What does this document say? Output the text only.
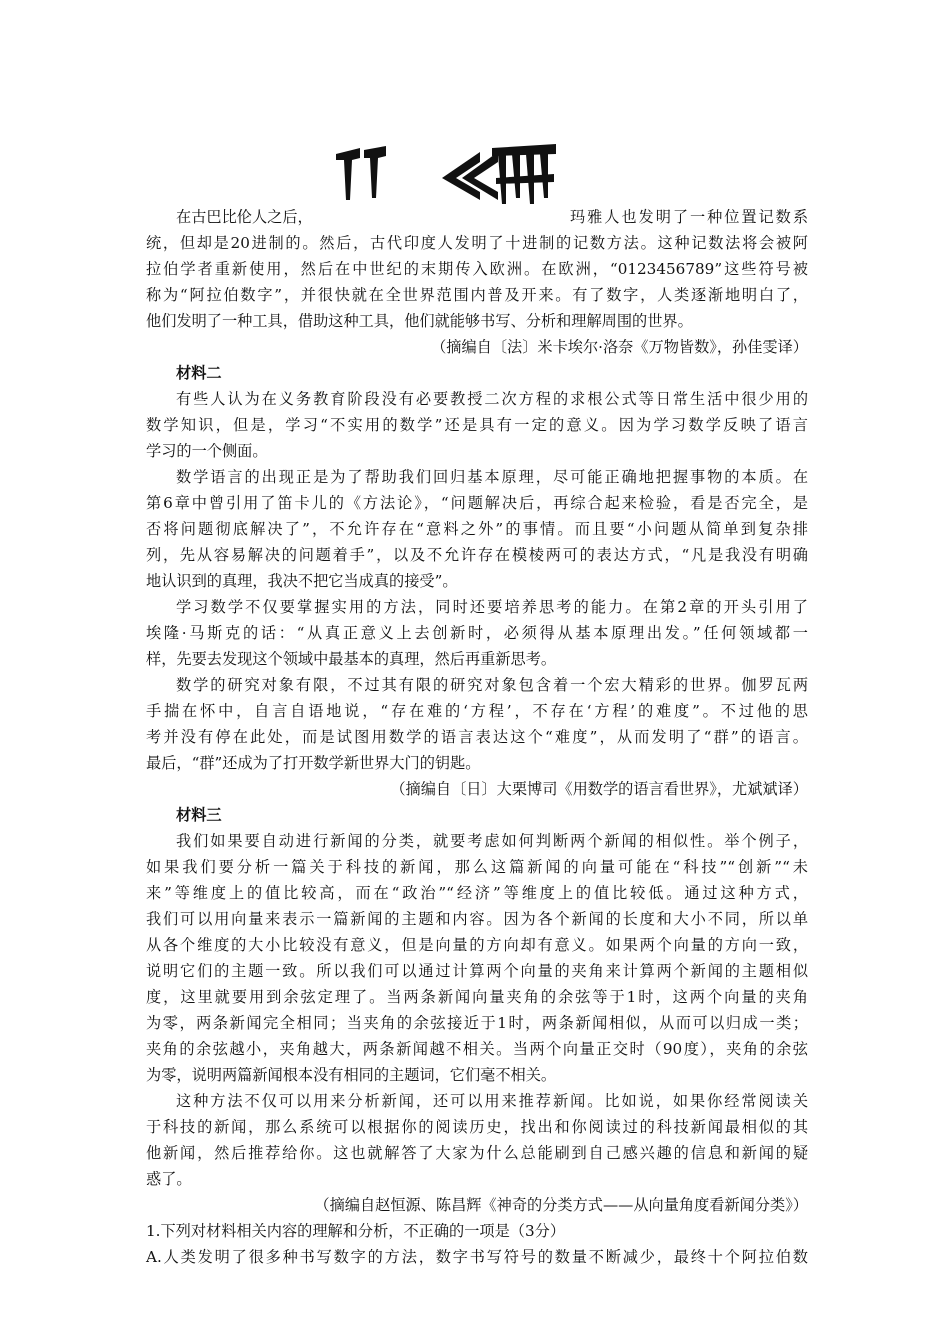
在古巴比伦人之后，	玛雅人也发明了一种位置记数系
统，但却是20进制的。然后，古代印度人发明了十进制的记数方法。这种记数法将会被阿
拉伯学者重新使用，然后在中世纪的末期传入欧洲。在欧洲，“0123456789”这些符号被
称为“阿拉伯数字”，并很快就在全世界范围内普及开来。有了数字，人类逐渐地明白了，
他们发明了一种工具，借助这种工具，他们就能够书写、分析和理解周围的世界。
（摘编自〔法〕米卡埃尔·洛奈《万物皆数》，孙佳雯译）
材料二
有些人认为在义务教育阶段没有必要教授二次方程的求根公式等日常生活中很少用的
数学知识，但是，学习“不实用的数学”还是具有一定的意义。因为学习数学反映了语言
学习的一个侧面。
数学语言的出现正是为了帮助我们回归基本原理，尽可能正确地把握事物的本质。在
第6章中曾引用了笛卡儿的《方法论》，“问题解决后，再综合起来检验，看是否完全，是
否将问题彻底解决了”，不允许存在“意料之外”的事情。而且要“小问题从简单到复杂排
列，先从容易解决的问题着手”，以及不允许存在模棱两可的表达方式，“凡是我没有明确
地认识到的真理，我决不把它当成真的接受”。
学习数学不仅要掌握实用的方法，同时还要培养思考的能力。在第2章的开头引用了
埃隆·马斯克的话：“从真正意义上去创新时，必须得从基本原理出发。”任何领域都一
样，先要去发现这个领域中最基本的真理，然后再重新思考。
数学的研究对象有限，不过其有限的研究对象包含着一个宏大精彩的世界。伽罗瓦两
手揣在怀中，自言自语地说，“存在难的‘方程’，不存在‘方程’的难度”。不过他的思
考并没有停在此处，而是试图用数学的语言表达这个“难度”，从而发明了“群”的语言。
最后，“群”还成为了打开数学新世界大门的钥匙。
（摘编自〔日〕大栗博司《用数学的语言看世界》，尤斌斌译）
材料三
我们如果要自动进行新闻的分类，就要考虑如何判断两个新闻的相似性。举个例子，
如果我们要分析一篇关于科技的新闻，那么这篇新闻的向量可能在“科技”“创新”“未
来”等维度上的值比较高，而在“政治”“经济”等维度上的值比较低。通过这种方式，
我们可以用向量来表示一篇新闻的主题和内容。因为各个新闻的长度和大小不同，所以单
从各个维度的大小比较没有意义，但是向量的方向却有意义。如果两个向量的方向一致，
说明它们的主题一致。所以我们可以通过计算两个向量的夹角来计算两个新闻的主题相似
度，这里就要用到余弦定理了。当两条新闻向量夹角的余弦等于1时，这两个向量的夹角
为零，两条新闻完全相同；当夹角的余弦接近于1时，两条新闻相似，从而可以归成一类；
夹角的余弦越小，夹角越大，两条新闻越不相关。当两个向量正交时（90度），夹角的余弦
为零，说明两篇新闻根本没有相同的主题词，它们毫不相关。
这种方法不仅可以用来分析新闻，还可以用来推荐新闻。比如说，如果你经常阅读关
于科技的新闻，那么系统可以根据你的阅读历史，找出和你阅读过的科技新闻最相似的其
他新闻，然后推荐给你。这也就解答了大家为什么总能刷到自己感兴趣的信息和新闻的疑
惑了。
（摘编自赵恒源、陈昌辉《神奇的分类方式——从向量角度看新闻分类》）
1.下列对材料相关内容的理解和分析，不正确的一项是（3分）
A.人类发明了很多种书写数字的方法，数字书写符号的数量不断减少，最终十个阿拉伯数
